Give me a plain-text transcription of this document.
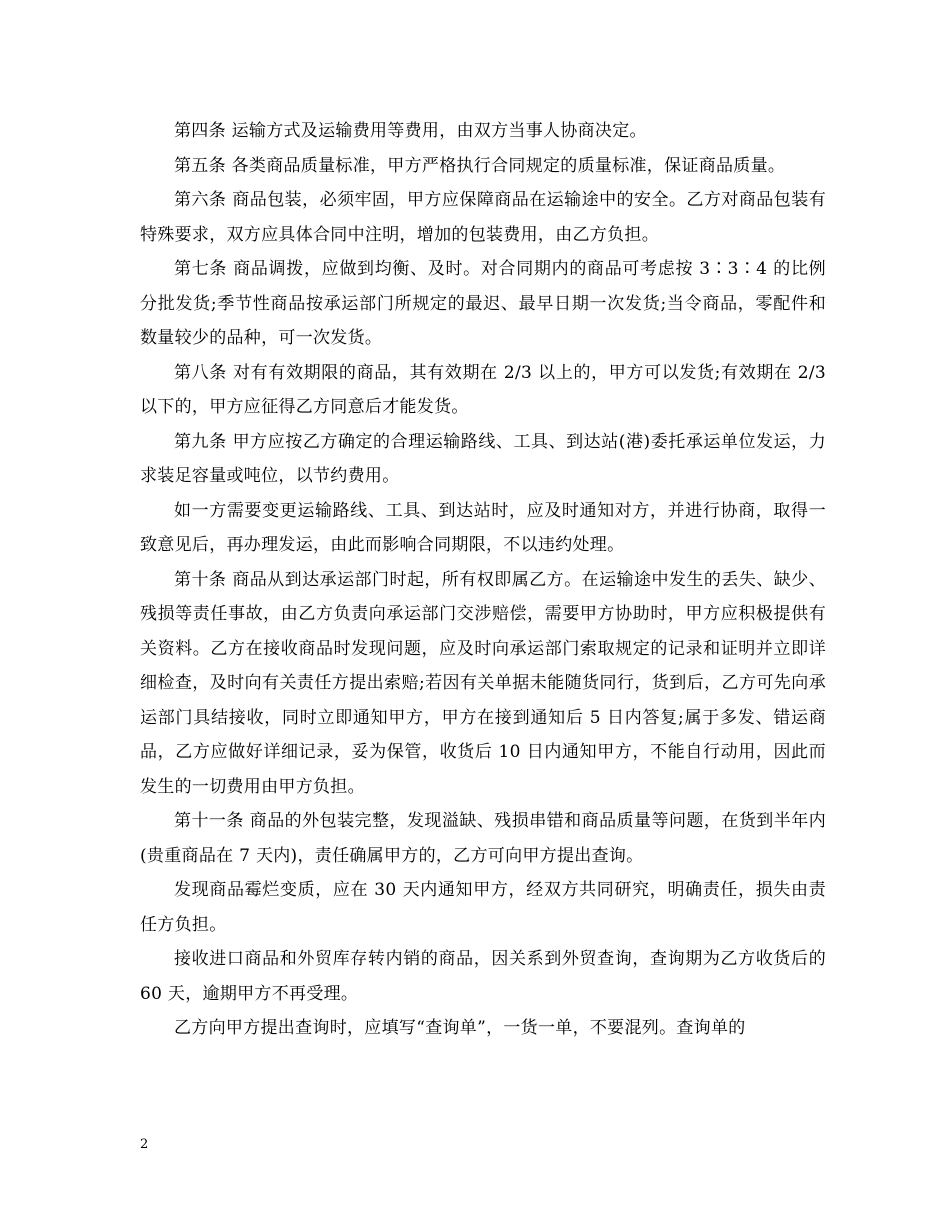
第四条 运输方式及运输费用等费用，由双方当事人协商决定。

第五条 各类商品质量标准，甲方严格执行合同规定的质量标准，保证商品质量。

第六条 商品包装，必须牢固，甲方应保障商品在运输途中的安全。乙方对商品包装有特殊要求，双方应具体合同中注明，增加的包装费用，由乙方负担。

第七条 商品调拨，应做到均衡、及时。对合同期内的商品可考虑按 3∶3∶4 的比例分批发货;季节性商品按承运部门所规定的最迟、最早日期一次发货;当令商品，零配件和数量较少的品种，可一次发货。

第八条 对有有效期限的商品，其有效期在 2/3 以上的，甲方可以发货;有效期在 2/3 以下的，甲方应征得乙方同意后才能发货。

第九条 甲方应按乙方确定的合理运输路线、工具、到达站(港)委托承运单位发运，力求装足容量或吨位，以节约费用。

如一方需要变更运输路线、工具、到达站时，应及时通知对方，并进行协商，取得一致意见后，再办理发运，由此而影响合同期限，不以违约处理。

第十条 商品从到达承运部门时起，所有权即属乙方。在运输途中发生的丢失、缺少、残损等责任事故，由乙方负责向承运部门交涉赔偿，需要甲方协助时，甲方应积极提供有关资料。乙方在接收商品时发现问题，应及时向承运部门索取规定的记录和证明并立即详细检查，及时向有关责任方提出索赔;若因有关单据未能随货同行，货到后，乙方可先向承运部门具结接收，同时立即通知甲方，甲方在接到通知后 5 日内答复;属于多发、错运商品，乙方应做好详细记录，妥为保管，收货后 10 日内通知甲方，不能自行动用，因此而发生的一切费用由甲方负担。

第十一条 商品的外包装完整，发现溢缺、残损串错和商品质量等问题，在货到半年内(贵重商品在 7 天内)，责任确属甲方的，乙方可向甲方提出查询。

发现商品霉烂变质，应在 30 天内通知甲方，经双方共同研究，明确责任，损失由责任方负担。

接收进口商品和外贸库存转内销的商品，因关系到外贸查询，查询期为乙方收货后的 60 天，逾期甲方不再受理。

乙方向甲方提出查询时，应填写“查询单”，一货一单，不要混列。查询单的

2
